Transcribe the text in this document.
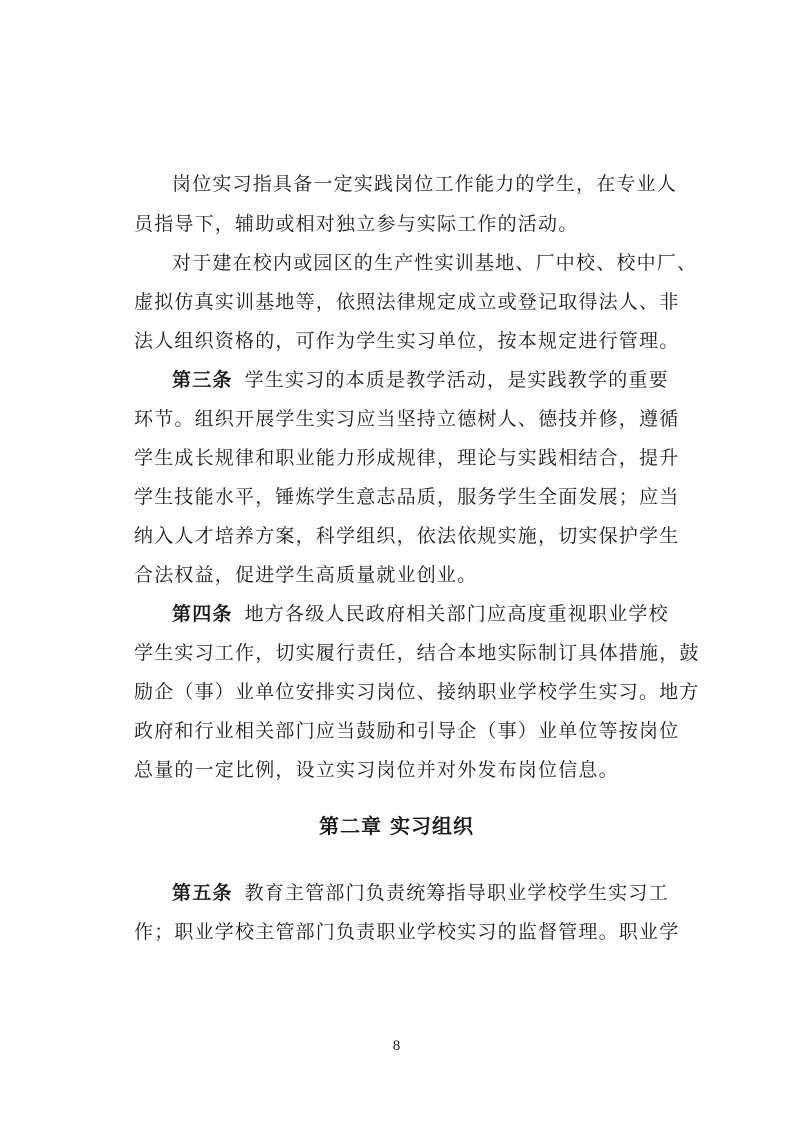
岗位实习指具备一定实践岗位工作能力的学生，在专业人
员指导下，辅助或相对独立参与实际工作的活动。
对于建在校内或园区的生产性实训基地、厂中校、校中厂、
虚拟仿真实训基地等，依照法律规定成立或登记取得法人、非
法人组织资格的，可作为学生实习单位，按本规定进行管理。
第三条 学生实习的本质是教学活动，是实践教学的重要
环节。组织开展学生实习应当坚持立德树人、德技并修，遵循
学生成长规律和职业能力形成规律，理论与实践相结合，提升
学生技能水平，锤炼学生意志品质，服务学生全面发展；应当
纳入人才培养方案，科学组织，依法依规实施，切实保护学生
合法权益，促进学生高质量就业创业。
第四条 地方各级人民政府相关部门应高度重视职业学校
学生实习工作，切实履行责任，结合本地实际制订具体措施，鼓
励企（事）业单位安排实习岗位、接纳职业学校学生实习。地方
政府和行业相关部门应当鼓励和引导企（事）业单位等按岗位
总量的一定比例，设立实习岗位并对外发布岗位信息。
第二章 实习组织
第五条 教育主管部门负责统筹指导职业学校学生实习工
作；职业学校主管部门负责职业学校实习的监督管理。职业学
8
